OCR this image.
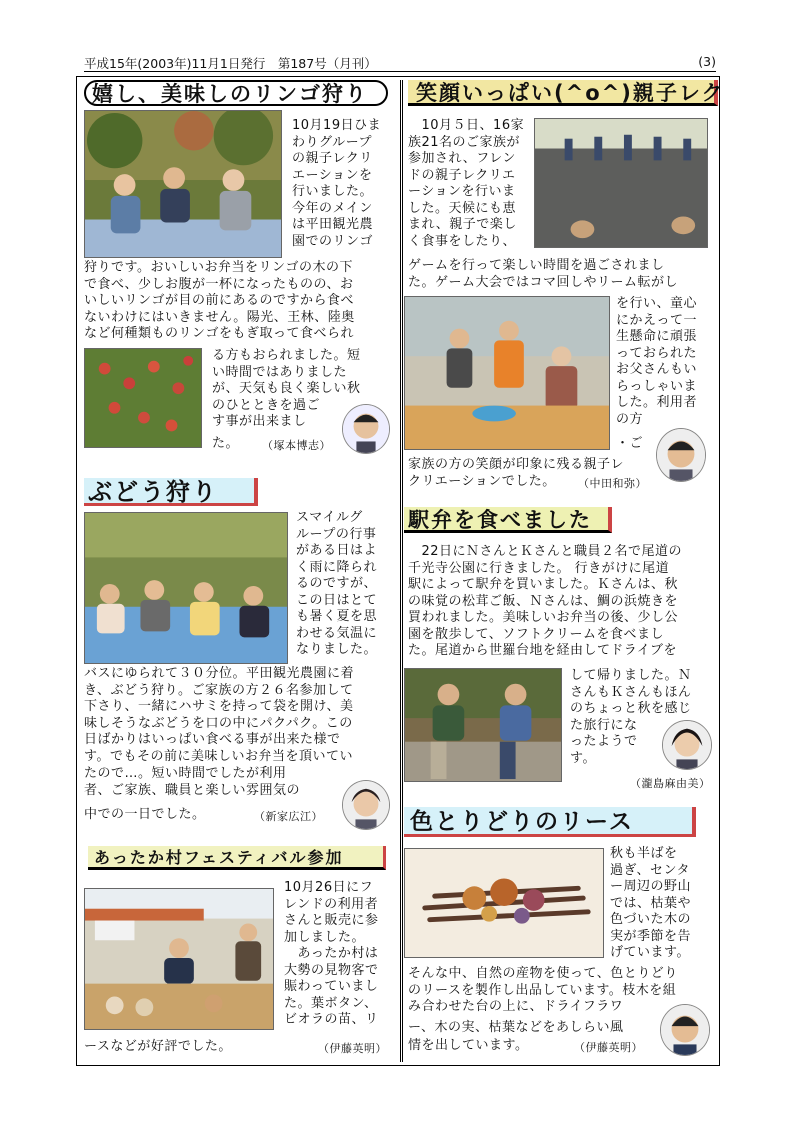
平成15年(2003年)11月1日発行　第187号（月刊）	(3)
嬉し、美味しのリンゴ狩り
10月19日ひま
わりグループ
の親子レクリ
エーションを
行いました。
今年のメイン
は平田観光農
園でのリンゴ
狩りです。おいしいお弁当をリンゴの木の下
で食べ、少しお腹が一杯になったものの、お
いしいリンゴが目の前にあるのですから食べ
ないわけにはいきません。陽光、王林、陸奥
など何種類ものリンゴをもぎ取って食べられ
る方もおられました。短
い時間ではありました
が、天気も良く楽しい秋
のひとときを過ご
す事が出来まし
た。	（塚本博志）
ぶどう狩り
スマイルグ
ループの行事
がある日はよ
く雨に降られ
るのですが、
この日はとて
も暑く夏を思
わせる気温に
なりました。
バスにゆられて３０分位。平田観光農園に着
き、ぶどう狩り。ご家族の方２６名参加して
下さり、一緒にハサミを持って袋を開け、美
味しそうなぶどうを口の中にパクパク。この
日ばかりはいっぱい食べる事が出来た様で
す。でもその前に美味しいお弁当を頂いてい
たので…。短い時間でしたが利用
者、ご家族、職員と楽しい雰囲気の
中での一日でした。	（新家広江）
あったか村フェスティバル参加
10月26日にフ
レンドの利用者
さんと販売に参
加しました。
　あったか村は
大勢の見物客で
賑わっていまし
た。葉ボタン、
ビオラの苗、リ
ースなどが好評でした。	（伊藤英明）
笑顔いっぱい(^o^)親子レク
　10月５日、16家
族21名のご家族が
参加され、フレン
ドの親子レクリエ
ーションを行いま
した。天候にも恵
まれ、親子で楽し
く食事をしたり、
ゲームを行って楽しい時間を過ごされまし
た。ゲーム大会ではコマ回しやリーム転がし
を行い、童心
にかえって一
生懸命に頑張
っておられた
お父さんもい
らっしゃいま
した。利用者
の方
・ご
家族の方の笑顔が印象に残る親子レ
クリエーションでした。	（中田和弥）
駅弁を食べました
　22日にＮさんとＫさんと職員２名で尾道の
千光寺公園に行きました。 行きがけに尾道
駅によって駅弁を買いました。Ｋさんは、秋
の味覚の松茸ご飯、Ｎさんは、鯛の浜焼きを
買われました。美味しいお弁当の後、少し公
園を散歩して、ソフトクリームを食べまし
た。尾道から世羅台地を経由してドライブを
して帰りました。Ｎ
さんもＫさんもほん
のちょっと秋を感じ
た旅行にな
ったようで
す。
（瀧島麻由美）
色とりどりのリース
秋も半ばを
過ぎ、センタ
ー周辺の野山
では、枯葉や
色づいた木の
実が季節を告
げています。
そんな中、自然の産物を使って、色とりどり
のリースを製作し出品しています。枝木を組
み合わせた台の上に、ドライフラワ
ー、木の実、枯葉などをあしらい風
情を出しています。	（伊藤英明）
